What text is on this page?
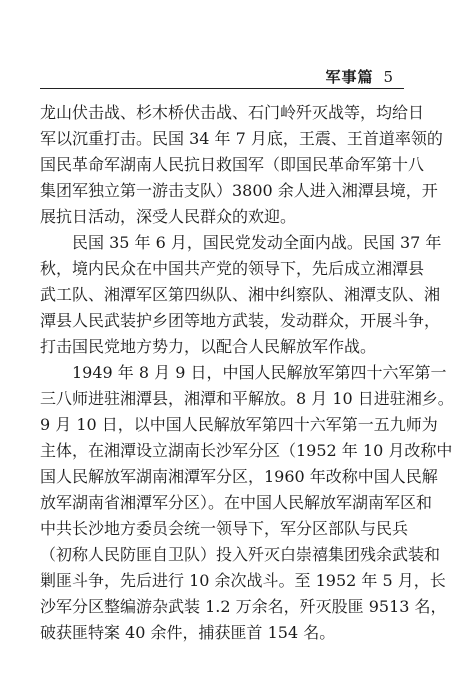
军事篇 5
龙山伏击战、杉木桥伏击战、石门岭歼灭战等，均给日
军以沉重打击。民国 34 年 7 月底，王震、王首道率领的
国民革命军湖南人民抗日救国军（即国民革命军第十八
集团军独立第一游击支队）3800 余人进入湘潭县境，开
展抗日活动，深受人民群众的欢迎。
民国 35 年 6 月，国民党发动全面内战。民国 37 年
秋，境内民众在中国共产党的领导下，先后成立湘潭县
武工队、湘潭军区第四纵队、湘中纠察队、湘潭支队、湘
潭县人民武装护乡团等地方武装，发动群众，开展斗争，
打击国民党地方势力，以配合人民解放军作战。
1949 年 8 月 9 日，中国人民解放军第四十六军第一
三八师进驻湘潭县，湘潭和平解放。8 月 10 日进驻湘乡。
9 月 10 日，以中国人民解放军第四十六军第一五九师为
主体，在湘潭设立湖南长沙军分区（1952 年 10 月改称中
国人民解放军湖南湘潭军分区，1960 年改称中国人民解
放军湖南省湘潭军分区）。在中国人民解放军湖南军区和
中共长沙地方委员会统一领导下，军分区部队与民兵
（初称人民防匪自卫队）投入歼灭白崇禧集团残余武装和
剿匪斗争，先后进行 10 余次战斗。至 1952 年 5 月，长
沙军分区整编游杂武装 1.2 万余名，歼灭股匪 9513 名，
破获匪特案 40 余件，捕获匪首 154 名。
